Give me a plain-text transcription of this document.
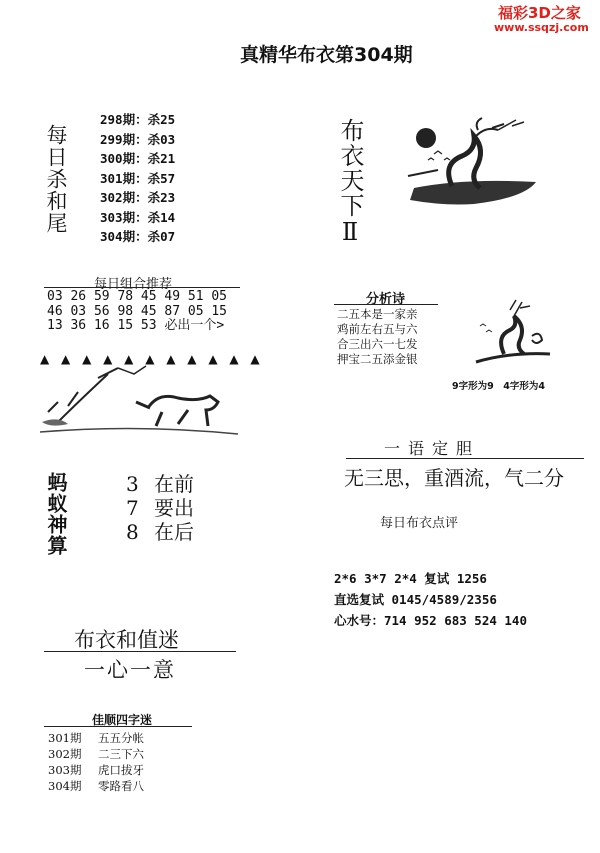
福彩3D之家
www.ssqzj.com
真精华布衣第304期
每日杀和尾
298期：杀25
299期：杀03
300期：杀21
301期：杀57
302期：杀23
303期：杀14
304期：杀07	布衣天下Ⅱ
每日组合推荐
03 26 59 78 45 49 51 05
46 03 56 98 45 87 05 15
13 36 16 15 53 必出一个>
▲ ▲ ▲ ▲ ▲ ▲ ▲ ▲ ▲ ▲ ▲
蚂蚁神算	3 在前
7 要出
8 在后
分析诗
二五本是一家亲
鸡前左右五与六
合三出六一七发
押宝二五添金银
9字形为9　4字形为4
一语定胆
无三思，重酒流，气二分
每日布衣点评
2*6 3*7 2*4 复试 1256
直选复试 0145/4589/2356
心水号：714 952 683 524 140
布衣和值迷
一心一意
佳顺四字迷
301期 五五分帐
302期 二三下六
303期 虎口拔牙
304期 零路看八
